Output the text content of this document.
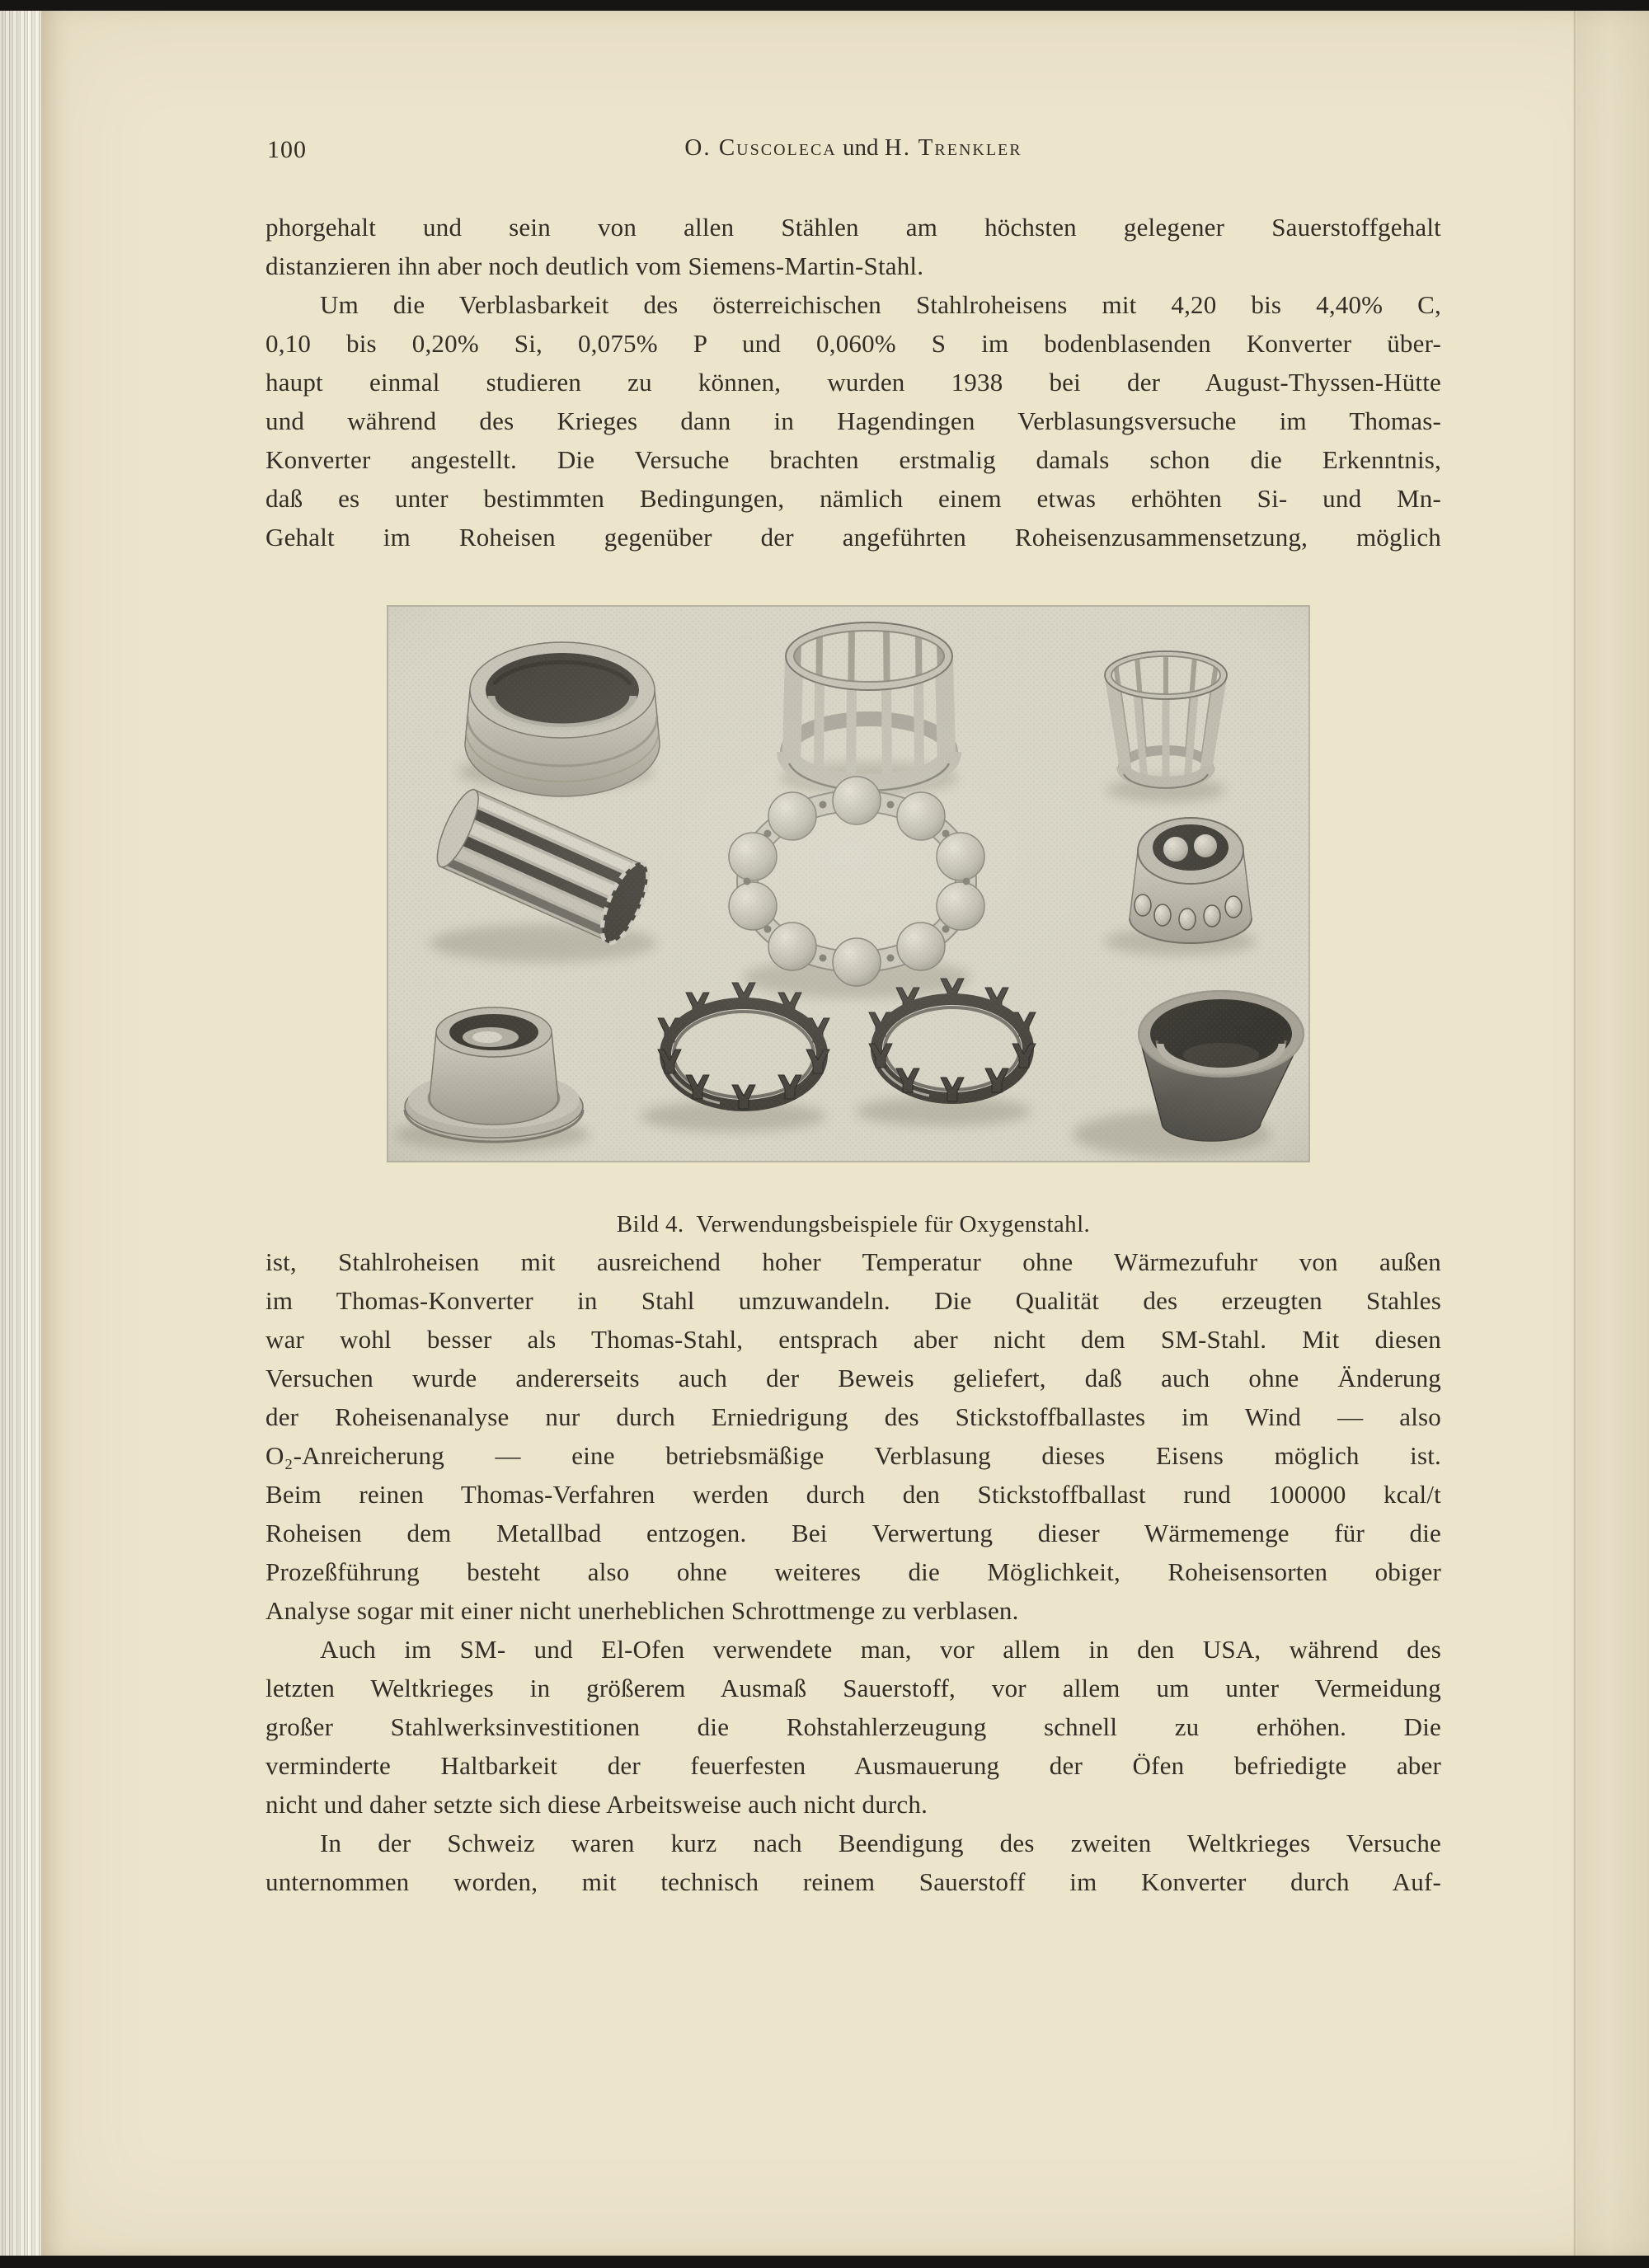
100	O. Cuscoleca und H. Trenkler

phorgehalt und sein von allen Stählen am höchsten gelegener Sauerstoffgehalt
distanzieren ihn aber noch deutlich vom Siemens-Martin-Stahl.

Um die Verblasbarkeit des österreichischen Stahlroheisens mit 4,20 bis 4,40% C,
0,10 bis 0,20% Si, 0,075% P und 0,060% S im bodenblasenden Konverter über-
haupt einmal studieren zu können, wurden 1938 bei der August-Thyssen-Hütte
und während des Krieges dann in Hagendingen Verblasungsversuche im Thomas-
Konverter angestellt. Die Versuche brachten erstmalig damals schon die Erkenntnis,
daß es unter bestimmten Bedingungen, nämlich einem etwas erhöhten Si- und Mn-
Gehalt im Roheisen gegenüber der angeführten Roheisenzusammensetzung, möglich

Bild 4.  Verwendungsbeispiele für Oxygenstahl.

ist, Stahlroheisen mit ausreichend hoher Temperatur ohne Wärmezufuhr von außen
im Thomas-Konverter in Stahl umzuwandeln. Die Qualität des erzeugten Stahles
war wohl besser als Thomas-Stahl, entsprach aber nicht dem SM-Stahl. Mit diesen
Versuchen wurde andererseits auch der Beweis geliefert, daß auch ohne Änderung
der Roheisenanalyse nur durch Erniedrigung des Stickstoffballastes im Wind — also
O₂-Anreicherung — eine betriebsmäßige Verblasung dieses Eisens möglich ist.
Beim reinen Thomas-Verfahren werden durch den Stickstoffballast rund 100000 kcal/t
Roheisen dem Metallbad entzogen. Bei Verwertung dieser Wärmemenge für die
Prozeßführung besteht also ohne weiteres die Möglichkeit, Roheisensorten obiger
Analyse sogar mit einer nicht unerheblichen Schrottmenge zu verblasen.

Auch im SM- und El-Ofen verwendete man, vor allem in den USA, während des
letzten Weltkrieges in größerem Ausmaß Sauerstoff, vor allem um unter Vermeidung
großer Stahlwerksinvestitionen die Rohstahlerzeugung schnell zu erhöhen. Die
verminderte Haltbarkeit der feuerfesten Ausmauerung der Öfen befriedigte aber
nicht und daher setzte sich diese Arbeitsweise auch nicht durch.

In der Schweiz waren kurz nach Beendigung des zweiten Weltkrieges Versuche
unternommen worden, mit technisch reinem Sauerstoff im Konverter durch Auf-
